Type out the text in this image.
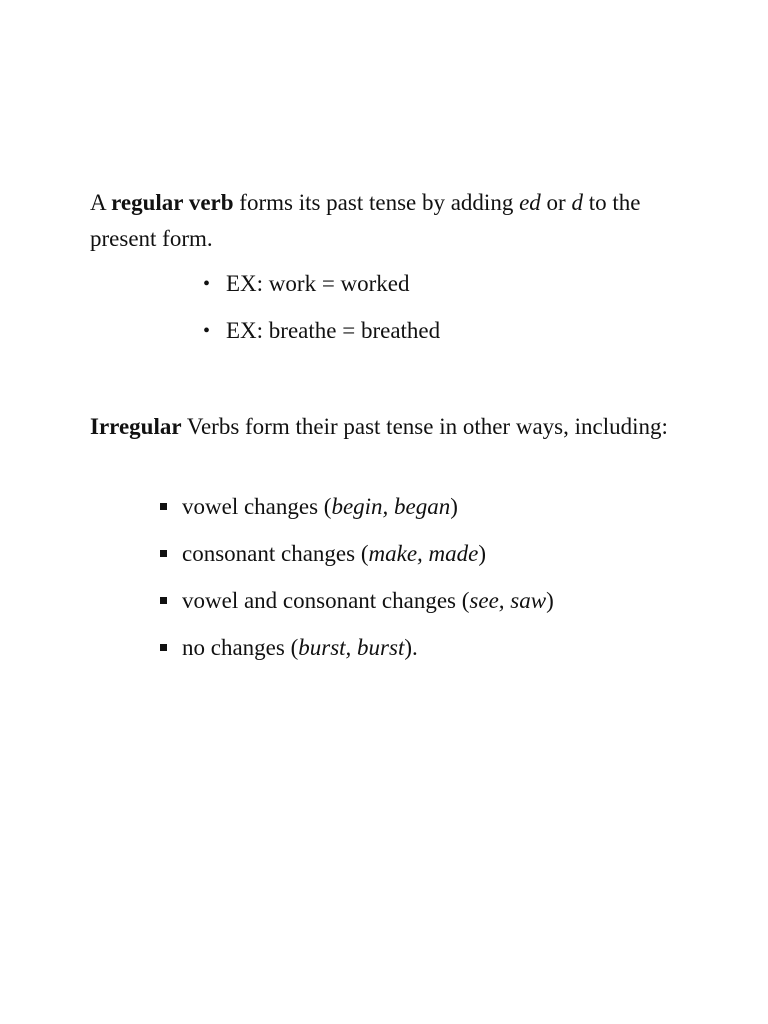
A regular verb forms its past tense by adding ed or d to the present form.

• EX: work = worked
• EX: breathe = breathed

Irregular Verbs form their past tense in other ways, including:

vowel changes (begin, began)
consonant changes (make, made)
vowel and consonant changes (see, saw)
no changes (burst, burst).
